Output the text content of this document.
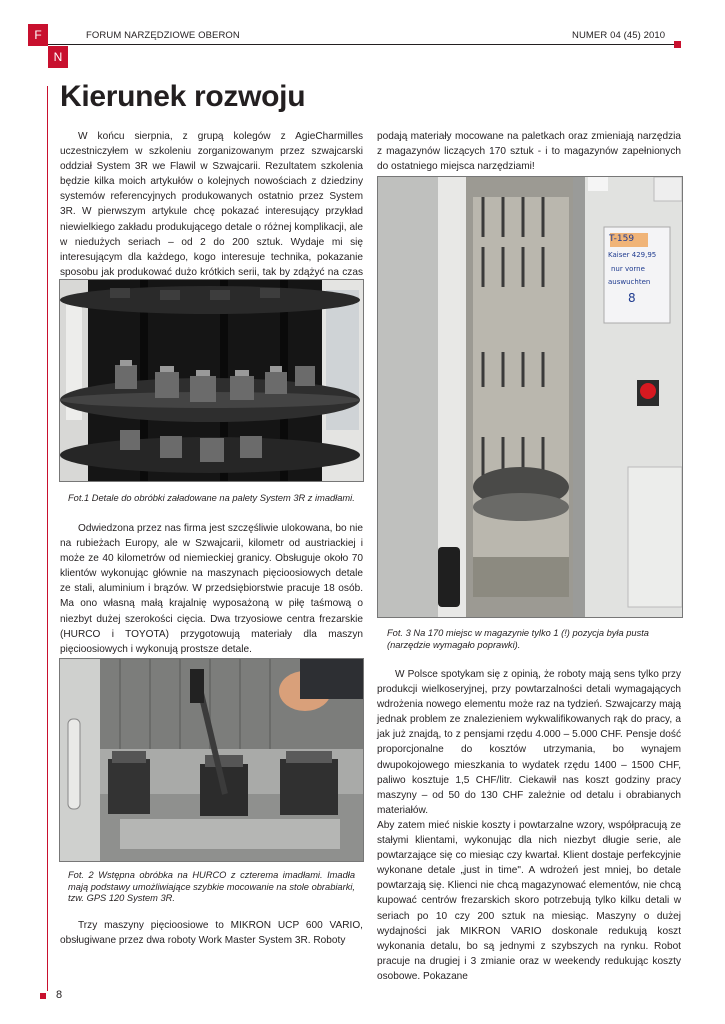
F
N
FORUM NARZĘDZIOWE OBERON	NUMER 04 (45) 2010
Kierunek rozwoju

W końcu sierpnia, z grupą kolegów z AgieCharmilles uczestniczyłem w szkoleniu zorganizowanym przez szwajcarski oddział System 3R we Flawil w Szwajcarii. Rezultatem szkolenia będzie kilka moich artykułów o kolejnych nowościach z dziedziny systemów referencyjnych produkowanych ostatnio przez System 3R. W pierwszym artykule chcę pokazać interesujący przykład niewielkiego zakładu produkującego detale o różnej komplikacji, ale w niedużych seriach – od 2 do 200 sztuk. Wydaje mi się interesującym dla każdego, kogo interesuje technika, pokazanie sposobu jak produkować dużo krótkich serii, tak by zdążyć na czas

Fot.1 Detale do obróbki załadowane na palety System 3R z imadłami.

Odwiedzona przez nas firma jest szczęśliwie ulokowana, bo nie na rubieżach Europy, ale w Szwajcarii, kilometr od austriackiej i może ze 40 kilometrów od niemieckiej granicy. Obsługuje około 70 klientów wykonując głównie na maszynach pięcioosiowych detale ze stali, aluminium i brązów. W przedsiębiorstwie pracuje 18 osób. Ma ono własną małą krajalnię wyposażoną w piłę taśmową o niezbyt dużej szerokości cięcia. Dwa trzyosiowe centra frezarskie (HURCO i TOYOTA) przygotowują materiały dla maszyn pięcioosiowych i wykonują prostsze detale.

Fot. 2 Wstępna obróbka na HURCO z czterema imadłami. Imadła mają podstawy umożliwiające szybkie mocowanie na stole obrabiarki, tzw. GPS 120 System 3R.

Trzy maszyny pięcioosiowe to MIKRON UCP 600 VARIO, obsługiwane przez dwa roboty Work Master System 3R. Roboty

podają materiały mocowane na paletkach oraz zmieniają narzędzia z magazynów liczących 170 sztuk - i to magazynów zapełnionych do ostatniego miejsca narzędziami!

T-159
Kaiser 429,95
nur vorne
auswuchten
8
Fot. 3 Na 170 miejsc w magazynie tylko 1 (!) pozycja była pusta (narzędzie wymagało poprawki).

W Polsce spotykam się z opinią, że roboty mają sens tylko przy produkcji wielkoseryjnej, przy powtarzalności detali wymagających wdrożenia nowego elementu może raz na tydzień. Szwajcarzy mają jednak problem ze znalezieniem wykwalifikowanych rąk do pracy, a jak już znajdą, to z pensjami rzędu 4.000 – 5.000 CHF. Pensje dość proporcjonalne do kosztów utrzymania, bo wynajem dwupokojowego mieszkania to wydatek rzędu 1400 – 1500 CHF, paliwo kosztuje 1,5 CHF/litr. Ciekawił nas koszt godziny pracy maszyny – od 50 do 130 CHF zależnie od detalu i obrabianych materiałów.

Aby zatem mieć niskie koszty i powtarzalne wzory, współpracują ze stałymi klientami, wykonując dla nich niezbyt długie serie, ale powtarzające się co miesiąc czy kwartał. Klient dostaje perfekcyjnie wykonane detale „just in time". A wdrożeń jest mniej, bo detale powtarzają się. Klienci nie chcą magazynować elementów, nie chcą kupować centrów frezarskich skoro potrzebują tylko kilku detali w seriach po 10 czy 200 sztuk na miesiąc. Maszyny o dużej wydajności jak MIKRON VARIO doskonale redukują koszt wykonania detalu, bo są jednymi z szybszych na rynku. Robot pracuje na drugiej i 3 zmianie oraz w weekendy redukując koszty osobowe. Pokazane

8
